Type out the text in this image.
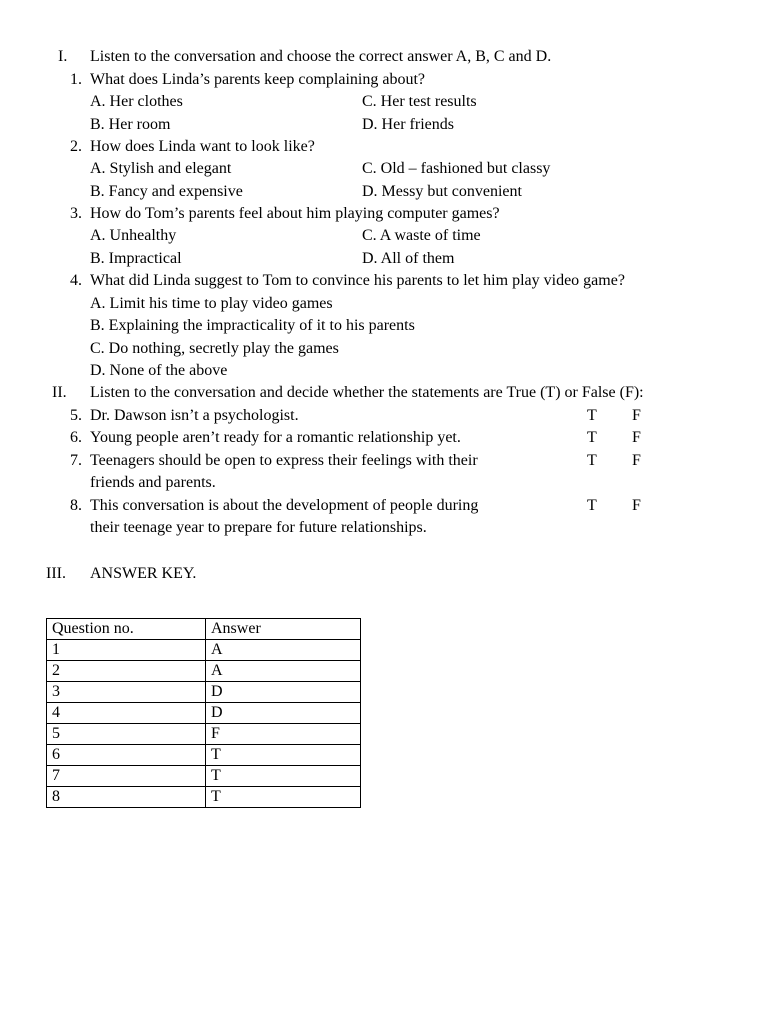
I. Listen to the conversation and choose the correct answer A, B, C and D.
1. What does Linda’s parents keep complaining about?
A. Her clothes	C. Her test results
B. Her room	D. Her friends
2. How does Linda want to look like?
A. Stylish and elegant	C. Old – fashioned but classy
B. Fancy and expensive	D. Messy but convenient
3. How do Tom’s parents feel about him playing computer games?
A. Unhealthy	C. A waste of time
B. Impractical	D. All of them
4. What did Linda suggest to Tom to convince his parents to let him play video game?
A. Limit his time to play video games
B. Explaining the impracticality of it to his parents
C. Do nothing, secretly play the games
D. None of the above
II. Listen to the conversation and decide whether the statements are True (T) or False (F):
5. Dr. Dawson isn’t a psychologist.	T F
6. Young people aren’t ready for a romantic relationship yet.	T F
7. Teenagers should be open to express their feelings with their	T F
friends and parents.
8. This conversation is about the development of people during	T F
their teenage year to prepare for future relationships.
III. ANSWER KEY.
Question no.	Answer
1	A
2	A
3	D
4	D
5	F
6	T
7	T
8	T
